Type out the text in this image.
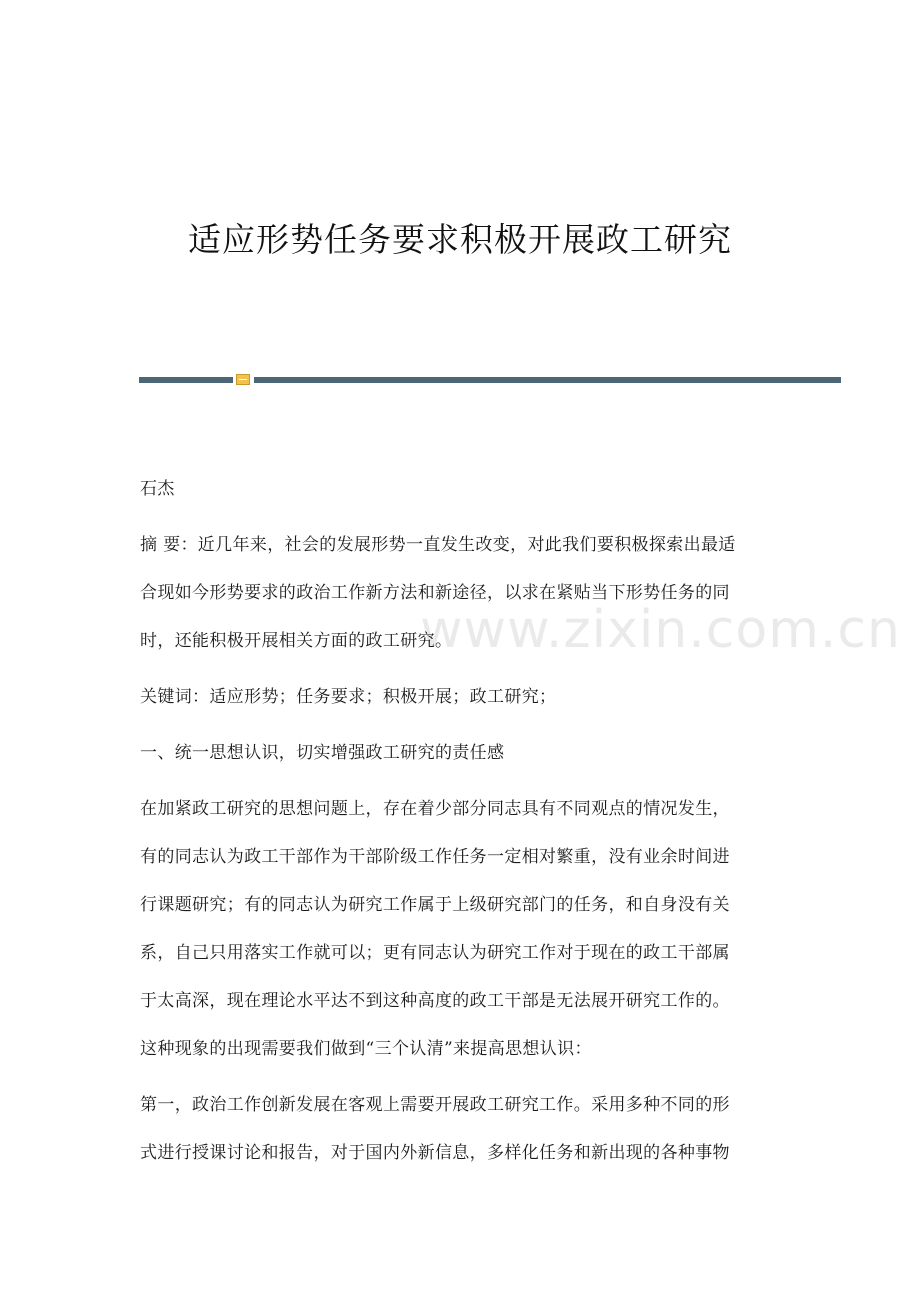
适应形势任务要求积极开展政工研究
www.zixin.com.cn
石杰
摘 要：近几年来，社会的发展形势一直发生改变，对此我们要积极探索出最适
合现如今形势要求的政治工作新方法和新途径，以求在紧贴当下形势任务的同
时，还能积极开展相关方面的政工研究。
关键词：适应形势；任务要求；积极开展；政工研究；
一、统一思想认识，切实增强政工研究的责任感
在加紧政工研究的思想问题上，存在着少部分同志具有不同观点的情况发生，
有的同志认为政工干部作为干部阶级工作任务一定相对繁重，没有业余时间进
行课题研究；有的同志认为研究工作属于上级研究部门的任务，和自身没有关
系，自己只用落实工作就可以；更有同志认为研究工作对于现在的政工干部属
于太高深，现在理论水平达不到这种高度的政工干部是无法展开研究工作的。
这种现象的出现需要我们做到“三个认清”来提高思想认识：
第一，政治工作创新发展在客观上需要开展政工研究工作。采用多种不同的形
式进行授课讨论和报告，对于国内外新信息，多样化任务和新出现的各种事物
